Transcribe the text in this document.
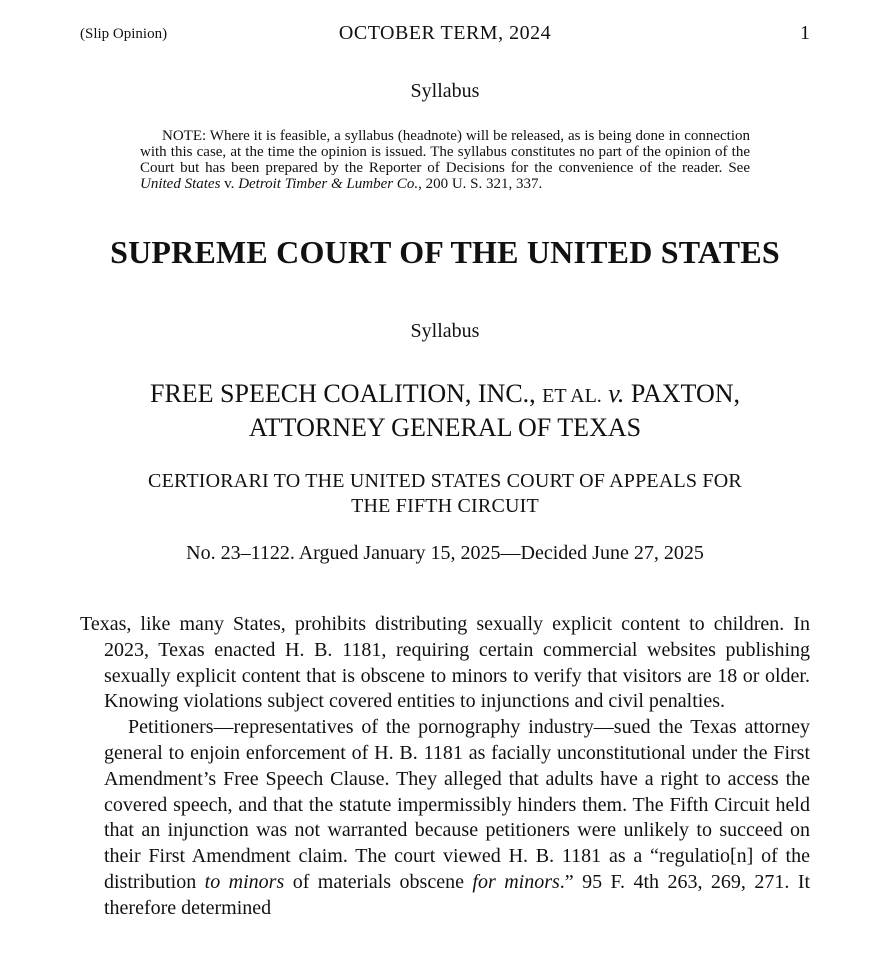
(Slip Opinion)	OCTOBER TERM, 2024	1
Syllabus

NOTE: Where it is feasible, a syllabus (headnote) will be released, as is being done in connection with this case, at the time the opinion is issued. The syllabus constitutes no part of the opinion of the Court but has been prepared by the Reporter of Decisions for the convenience of the reader. See United States v. Detroit Timber & Lumber Co., 200 U. S. 321, 337.

SUPREME COURT OF THE UNITED STATES
Syllabus
FREE SPEECH COALITION, INC., ET AL. v. PAXTON,
ATTORNEY GENERAL OF TEXAS
CERTIORARI TO THE UNITED STATES COURT OF APPEALS FOR
THE FIFTH CIRCUIT
No. 23–1122. Argued January 15, 2025—Decided June 27, 2025

Texas, like many States, prohibits distributing sexually explicit content to children. In 2023, Texas enacted H. B. 1181, requiring certain commercial websites publishing sexually explicit content that is obscene to minors to verify that visitors are 18 or older. Knowing violations subject covered entities to injunctions and civil penalties.

Petitioners—representatives of the pornography industry—sued the Texas attorney general to enjoin enforcement of H. B. 1181 as facially unconstitutional under the First Amendment’s Free Speech Clause. They alleged that adults have a right to access the covered speech, and that the statute impermissibly hinders them. The Fifth Circuit held that an injunction was not warranted because petitioners were unlikely to succeed on their First Amendment claim. The court viewed H. B. 1181 as a “regulatio[n] of the distribution to minors of materials obscene for minors.” 95 F. 4th 263, 269, 271. It therefore determined
